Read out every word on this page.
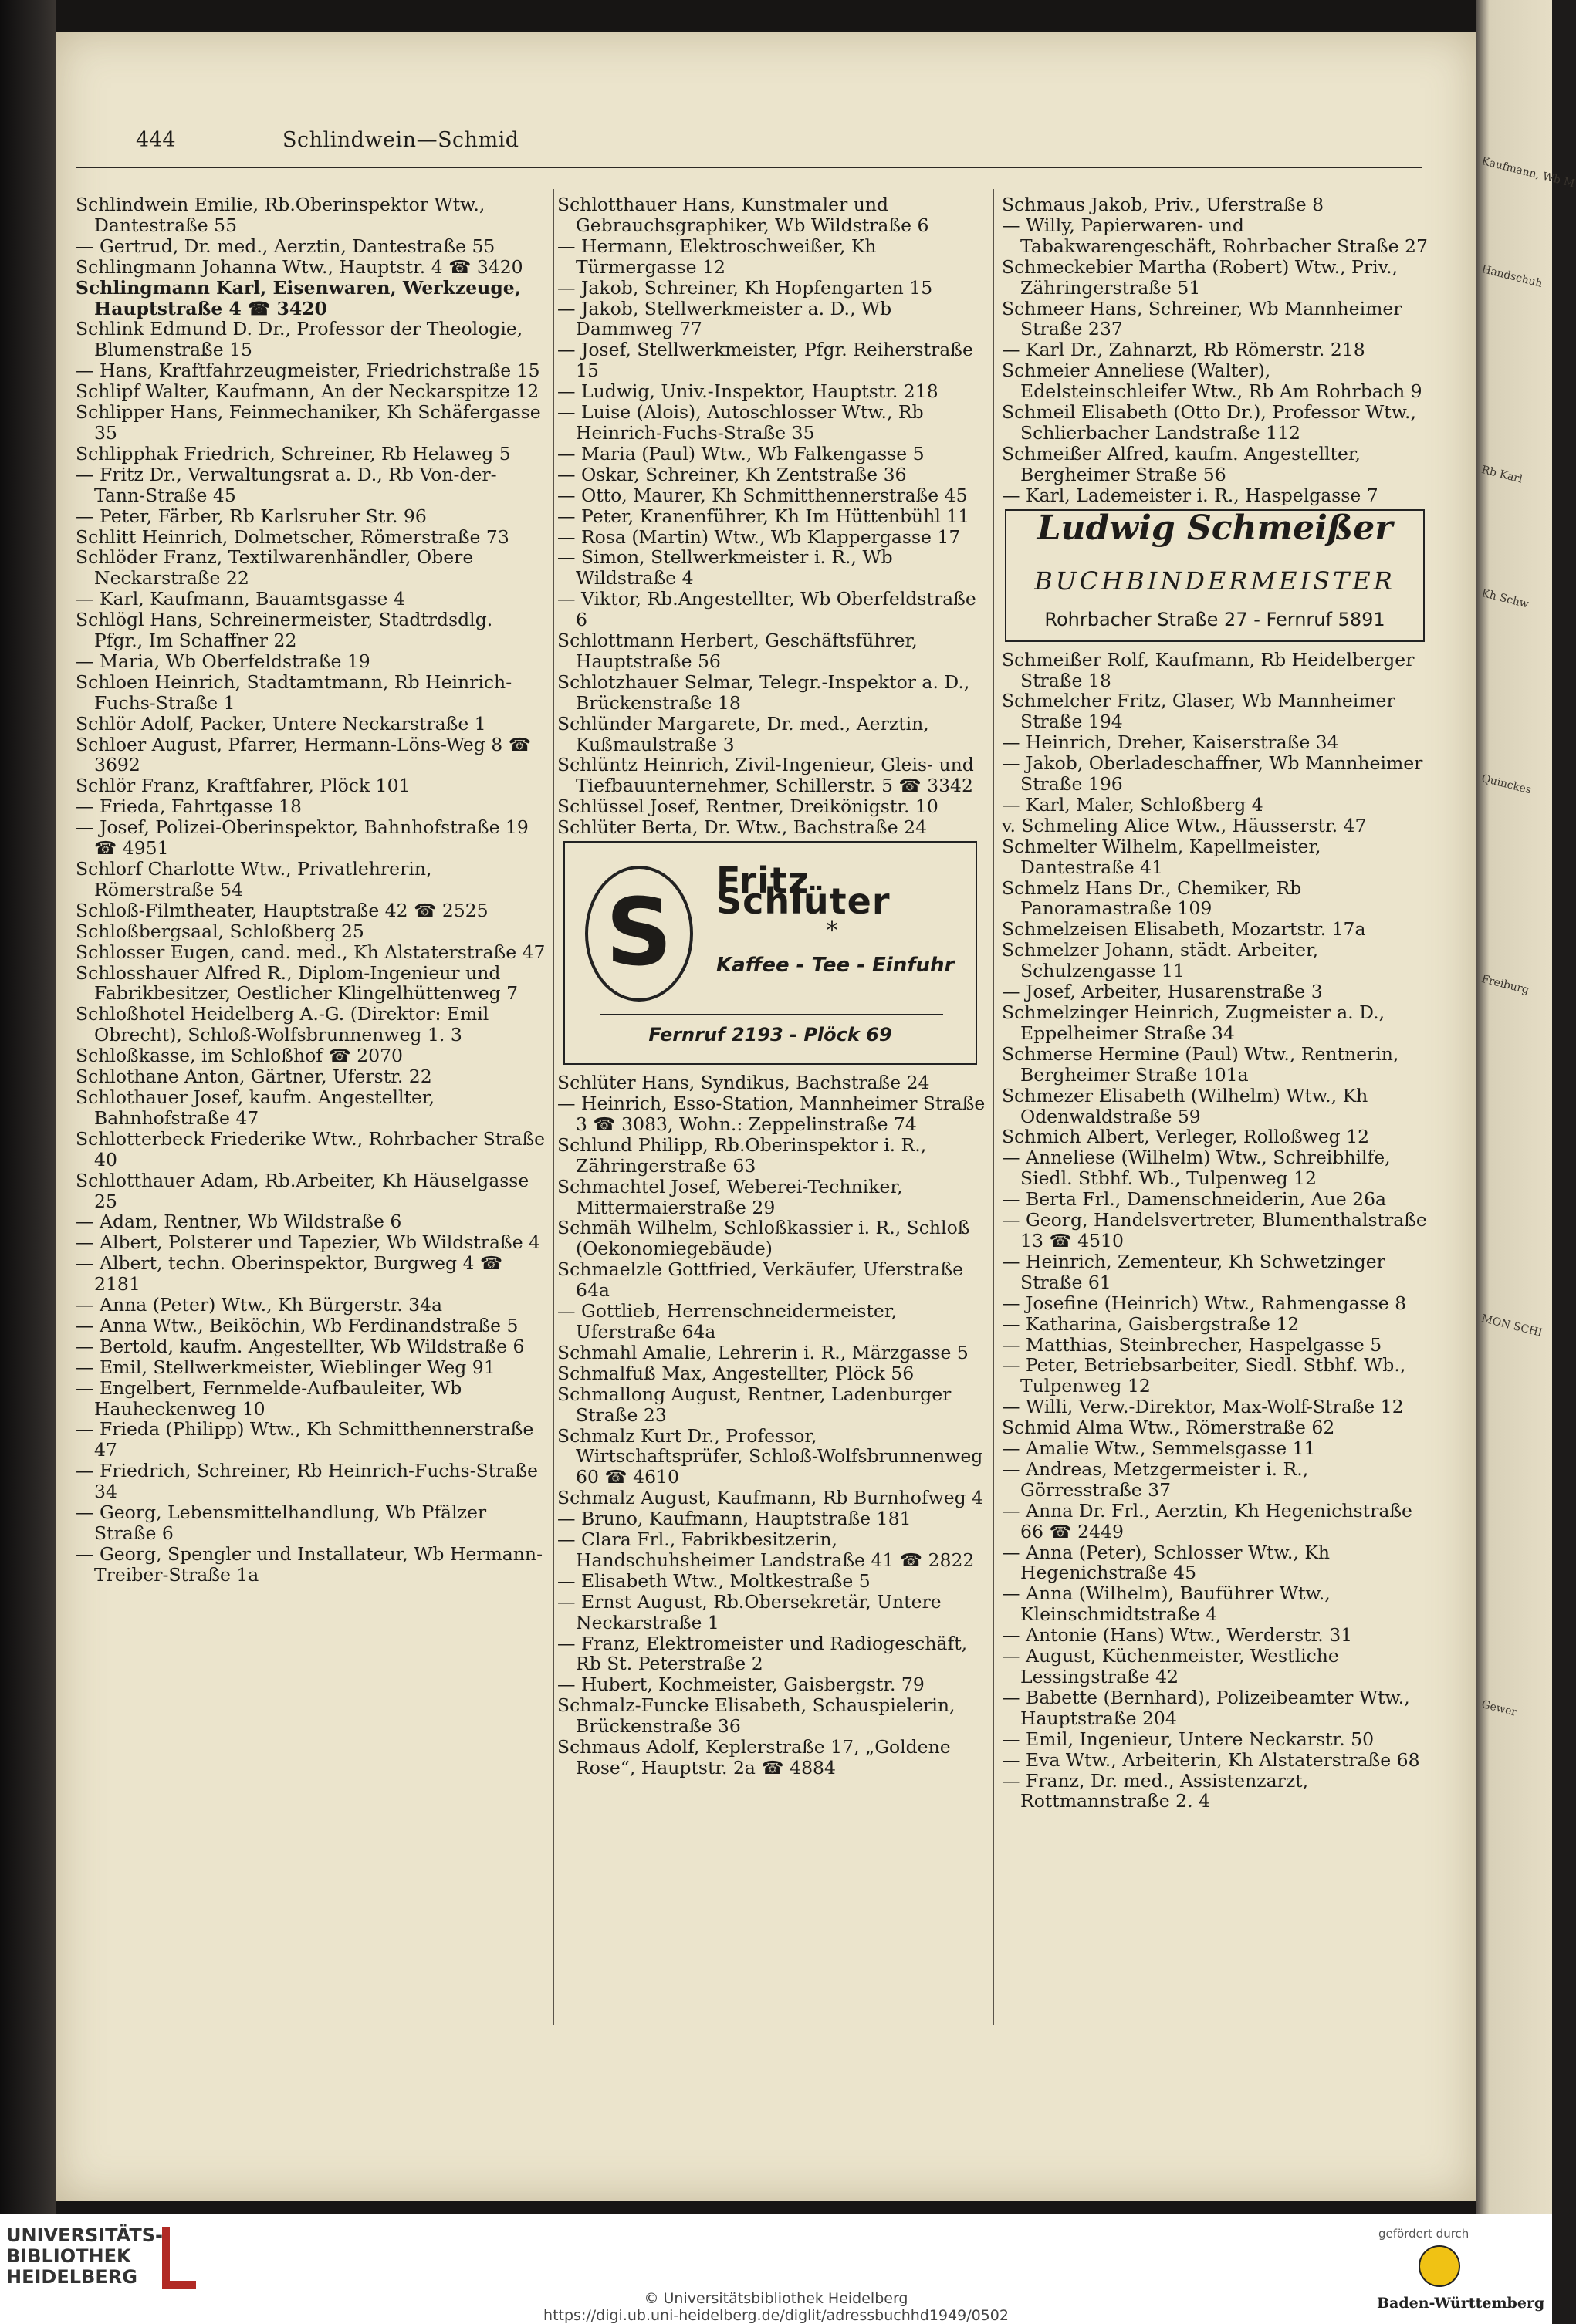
Kaufmann, Wb M
Handschuh
Rb Karl
Kh Schw
Quinckes
Freiburg
MON SCHI
Gewer
444	Schlindwein—Schmid
Schlindwein Emilie, Rb.Oberinspektor Wtw., Dantestraße 55
— Gertrud, Dr. med., Aerztin, Dantestraße 55
Schlingmann Johanna Wtw., Hauptstr. 4 ☎ 3420
Schlingmann Karl, Eisenwaren, Werkzeuge, Hauptstraße 4 ☎ 3420
Schlink Edmund D. Dr., Professor der Theologie, Blumenstraße 15
— Hans, Kraftfahrzeugmeister, Friedrichstraße 15
Schlipf Walter, Kaufmann, An der Neckarspitze 12
Schlipper Hans, Feinmechaniker, Kh Schäfergasse 35
Schlipphak Friedrich, Schreiner, Rb Helaweg 5
— Fritz Dr., Verwaltungsrat a. D., Rb Von-der-Tann-Straße 45
— Peter, Färber, Rb Karlsruher Str. 96
Schlitt Heinrich, Dolmetscher, Römerstraße 73
Schlöder Franz, Textilwarenhändler, Obere Neckarstraße 22
— Karl, Kaufmann, Bauamtsgasse 4
Schlögl Hans, Schreinermeister, Stadtrdsdlg. Pfgr., Im Schaffner 22
— Maria, Wb Oberfeldstraße 19
Schloen Heinrich, Stadtamtmann, Rb Heinrich-Fuchs-Straße 1
Schlör Adolf, Packer, Untere Neckarstraße 1
Schloer August, Pfarrer, Hermann-Löns-Weg 8 ☎ 3692
Schlör Franz, Kraftfahrer, Plöck 101
— Frieda, Fahrtgasse 18
— Josef, Polizei-Oberinspektor, Bahnhofstraße 19 ☎ 4951
Schlorf Charlotte Wtw., Privatlehrerin, Römerstraße 54
Schloß-Filmtheater, Hauptstraße 42 ☎ 2525
Schloßbergsaal, Schloßberg 25
Schlosser Eugen, cand. med., Kh Alstaterstraße 47
Schlosshauer Alfred R., Diplom-Ingenieur und Fabrikbesitzer, Oestlicher Klingelhüttenweg 7
Schloßhotel Heidelberg A.-G. (Direktor: Emil Obrecht), Schloß-Wolfsbrunnenweg 1. 3
Schloßkasse, im Schloßhof ☎ 2070
Schlothane Anton, Gärtner, Uferstr. 22
Schlothauer Josef, kaufm. Angestellter, Bahnhofstraße 47
Schlotterbeck Friederike Wtw., Rohrbacher Straße 40
Schlotthauer Adam, Rb.Arbeiter, Kh Häuselgasse 25
— Adam, Rentner, Wb Wildstraße 6
— Albert, Polsterer und Tapezier, Wb Wildstraße 4
— Albert, techn. Oberinspektor, Burgweg 4 ☎ 2181
— Anna (Peter) Wtw., Kh Bürgerstr. 34a
— Anna Wtw., Beiköchin, Wb Ferdinandstraße 5
— Bertold, kaufm. Angestellter, Wb Wildstraße 6
— Emil, Stellwerkmeister, Wieblinger Weg 91
— Engelbert, Fernmelde-Aufbauleiter, Wb Hauheckenweg 10
— Frieda (Philipp) Wtw., Kh Schmitthennerstraße 47
— Friedrich, Schreiner, Rb Heinrich-Fuchs-Straße 34
— Georg, Lebensmittelhandlung, Wb Pfälzer Straße 6
— Georg, Spengler und Installateur, Wb Hermann-Treiber-Straße 1a
Schlotthauer Hans, Kunstmaler und Gebrauchsgraphiker, Wb Wildstraße 6
— Hermann, Elektroschweißer, Kh Türmergasse 12
— Jakob, Schreiner, Kh Hopfengarten 15
— Jakob, Stellwerkmeister a. D., Wb Dammweg 77
— Josef, Stellwerkmeister, Pfgr. Reiherstraße 15
— Ludwig, Univ.-Inspektor, Hauptstr. 218
— Luise (Alois), Autoschlosser Wtw., Rb Heinrich-Fuchs-Straße 35
— Maria (Paul) Wtw., Wb Falkengasse 5
— Oskar, Schreiner, Kh Zentstraße 36
— Otto, Maurer, Kh Schmitthennerstraße 45
— Peter, Kranenführer, Kh Im Hüttenbühl 11
— Rosa (Martin) Wtw., Wb Klappergasse 17
— Simon, Stellwerkmeister i. R., Wb Wildstraße 4
— Viktor, Rb.Angestellter, Wb Oberfeldstraße 6
Schlottmann Herbert, Geschäftsführer, Hauptstraße 56
Schlotzhauer Selmar, Telegr.-Inspektor a. D., Brückenstraße 18
Schlünder Margarete, Dr. med., Aerztin, Kußmaulstraße 3
Schlüntz Heinrich, Zivil-Ingenieur, Gleis- und Tiefbauunternehmer, Schillerstr. 5 ☎ 3342
Schlüssel Josef, Rentner, Dreikönigstr. 10
Schlüter Berta, Dr. Wtw., Bachstraße 24
S	Fritz Schlüter
*
Kaffee - Tee - Einfuhr
Fernruf 2193 - Plöck 69
Schlüter Hans, Syndikus, Bachstraße 24
— Heinrich, Esso-Station, Mannheimer Straße 3 ☎ 3083, Wohn.: Zeppelinstraße 74
Schlund Philipp, Rb.Oberinspektor i. R., Zähringerstraße 63
Schmachtel Josef, Weberei-Techniker, Mittermaierstraße 29
Schmäh Wilhelm, Schloßkassier i. R., Schloß (Oekonomiegebäude)
Schmaelzle Gottfried, Verkäufer, Uferstraße 64a
— Gottlieb, Herrenschneidermeister, Uferstraße 64a
Schmahl Amalie, Lehrerin i. R., Märzgasse 5
Schmalfuß Max, Angestellter, Plöck 56
Schmallong August, Rentner, Ladenburger Straße 23
Schmalz Kurt Dr., Professor, Wirtschaftsprüfer, Schloß-Wolfsbrunnenweg 60 ☎ 4610
Schmalz August, Kaufmann, Rb Burnhofweg 4
— Bruno, Kaufmann, Hauptstraße 181
— Clara Frl., Fabrikbesitzerin, Handschuhsheimer Landstraße 41 ☎ 2822
— Elisabeth Wtw., Moltkestraße 5
— Ernst August, Rb.Obersekretär, Untere Neckarstraße 1
— Franz, Elektromeister und Radiogeschäft, Rb St. Peterstraße 2
— Hubert, Kochmeister, Gaisbergstr. 79
Schmalz-Funcke Elisabeth, Schauspielerin, Brückenstraße 36
Schmaus Adolf, Keplerstraße 17, „Goldene Rose“, Hauptstr. 2a ☎ 4884
Schmaus Jakob, Priv., Uferstraße 8
— Willy, Papierwaren- und Tabakwarengeschäft, Rohrbacher Straße 27
Schmeckebier Martha (Robert) Wtw., Priv., Zähringerstraße 51
Schmeer Hans, Schreiner, Wb Mannheimer Straße 237
— Karl Dr., Zahnarzt, Rb Römerstr. 218
Schmeier Anneliese (Walter), Edelsteinschleifer Wtw., Rb Am Rohrbach 9
Schmeil Elisabeth (Otto Dr.), Professor Wtw., Schlierbacher Landstraße 112
Schmeißer Alfred, kaufm. Angestellter, Bergheimer Straße 56
— Karl, Lademeister i. R., Haspelgasse 7
Ludwig Schmeißer
BUCHBINDERMEISTER
Rohrbacher Straße 27 - Fernruf 5891
Schmeißer Rolf, Kaufmann, Rb Heidelberger Straße 18
Schmelcher Fritz, Glaser, Wb Mannheimer Straße 194
— Heinrich, Dreher, Kaiserstraße 34
— Jakob, Oberladeschaffner, Wb Mannheimer Straße 196
— Karl, Maler, Schloßberg 4
v. Schmeling Alice Wtw., Häusserstr. 47
Schmelter Wilhelm, Kapellmeister, Dantestraße 41
Schmelz Hans Dr., Chemiker, Rb Panoramastraße 109
Schmelzeisen Elisabeth, Mozartstr. 17a
Schmelzer Johann, städt. Arbeiter, Schulzengasse 11
— Josef, Arbeiter, Husarenstraße 3
Schmelzinger Heinrich, Zugmeister a. D., Eppelheimer Straße 34
Schmerse Hermine (Paul) Wtw., Rentnerin, Bergheimer Straße 101a
Schmezer Elisabeth (Wilhelm) Wtw., Kh Odenwaldstraße 59
Schmich Albert, Verleger, Rolloßweg 12
— Anneliese (Wilhelm) Wtw., Schreibhilfe, Siedl. Stbhf. Wb., Tulpenweg 12
— Berta Frl., Damenschneiderin, Aue 26a
— Georg, Handelsvertreter, Blumenthalstraße 13 ☎ 4510
— Heinrich, Zementeur, Kh Schwetzinger Straße 61
— Josefine (Heinrich) Wtw., Rahmengasse 8
— Katharina, Gaisbergstraße 12
— Matthias, Steinbrecher, Haspelgasse 5
— Peter, Betriebsarbeiter, Siedl. Stbhf. Wb., Tulpenweg 12
— Willi, Verw.-Direktor, Max-Wolf-Straße 12
Schmid Alma Wtw., Römerstraße 62
— Amalie Wtw., Semmelsgasse 11
— Andreas, Metzgermeister i. R., Görresstraße 37
— Anna Dr. Frl., Aerztin, Kh Hegenichstraße 66 ☎ 2449
— Anna (Peter), Schlosser Wtw., Kh Hegenichstraße 45
— Anna (Wilhelm), Bauführer Wtw., Kleinschmidtstraße 4
— Antonie (Hans) Wtw., Werderstr. 31
— August, Küchenmeister, Westliche Lessingstraße 42
— Babette (Bernhard), Polizeibeamter Wtw., Hauptstraße 204
— Emil, Ingenieur, Untere Neckarstr. 50
— Eva Wtw., Arbeiterin, Kh Alstaterstraße 68
— Franz, Dr. med., Assistenzarzt, Rottmannstraße 2. 4
UNIVERSITÄTS-
BIBLIOTHEK
HEIDELBERG
© Universitätsbibliothek Heidelberg
https://digi.ub.uni-heidelberg.de/diglit/adressbuchhd1949/0502
gefördert durch
Baden-Württemberg
